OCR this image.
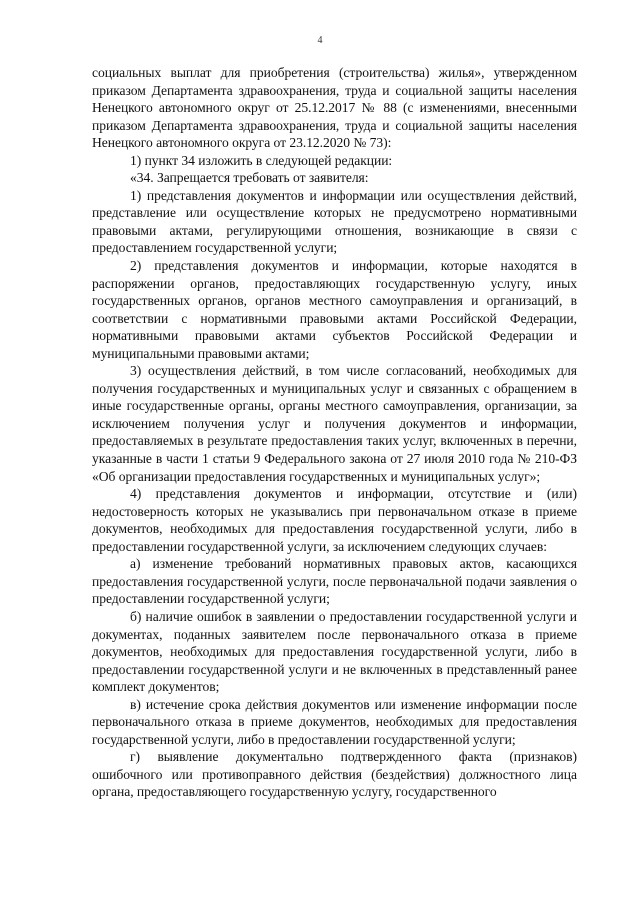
4

социальных выплат для приобретения (строительства) жилья», утвержденном приказом Департамента здравоохранения, труда и социальной защиты населения Ненецкого автономного округ от 25.12.2017 № 88 (с изменениями, внесенными приказом Департамента здравоохранения, труда и социальной защиты населения Ненецкого автономного округа от 23.12.2020 № 73):

1) пункт 34 изложить в следующей редакции:

«34. Запрещается требовать от заявителя:

1) представления документов и информации или осуществления действий, представление или осуществление которых не предусмотрено нормативными правовыми актами, регулирующими отношения, возникающие в связи с предоставлением государственной услуги;

2) представления документов и информации, которые находятся в распоряжении органов, предоставляющих государственную услугу, иных государственных органов, органов местного самоуправления и организаций, в соответствии с нормативными правовыми актами Российской Федерации, нормативными правовыми актами субъектов Российской Федерации и муниципальными правовыми актами;

3) осуществления действий, в том числе согласований, необходимых для получения государственных и муниципальных услуг и связанных с обращением в иные государственные органы, органы местного самоуправления, организации, за исключением получения услуг и получения документов и информации, предоставляемых в результате предоставления таких услуг, включенных в перечни, указанные в части 1 статьи 9 Федерального закона от 27 июля 2010 года № 210-ФЗ «Об организации предоставления государственных и муниципальных услуг»;

4) представления документов и информации, отсутствие и (или) недостоверность которых не указывались при первоначальном отказе в приеме документов, необходимых для предоставления государственной услуги, либо в предоставлении государственной услуги, за исключением следующих случаев:

а) изменение требований нормативных правовых актов, касающихся предоставления государственной услуги, после первоначальной подачи заявления о предоставлении государственной услуги;

б) наличие ошибок в заявлении о предоставлении государственной услуги и документах, поданных заявителем после первоначального отказа в приеме документов, необходимых для предоставления государственной услуги, либо в предоставлении государственной услуги и не включенных в представленный ранее комплект документов;

в) истечение срока действия документов или изменение информации после первоначального отказа в приеме документов, необходимых для предоставления государственной услуги, либо в предоставлении государственной услуги;

г) выявление документально подтвержденного факта (признаков) ошибочного или противоправного действия (бездействия) должностного лица органа, предоставляющего государственную услугу, государственного
